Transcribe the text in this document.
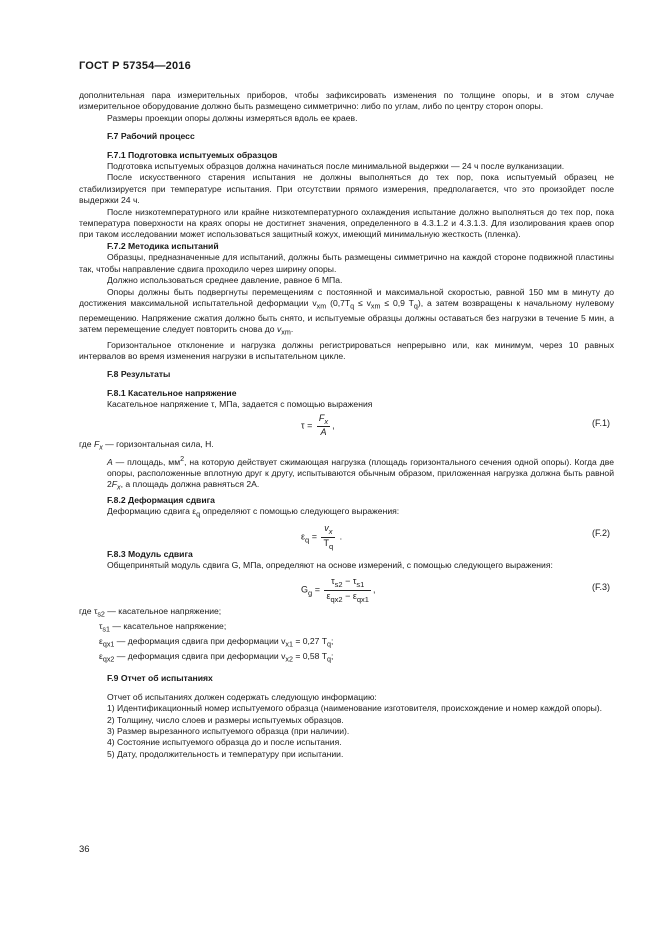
ГОСТ Р 57354—2016

дополнительная пара измерительных приборов, чтобы зафиксировать изменения по толщине опоры, и в этом случае измерительное оборудование должно быть размещено симметрично: либо по углам, либо по центру сторон опоры.

Размеры проекции опоры должны измеряться вдоль ее краев.

F.7 Рабочий процесс

F.7.1 Подготовка испытуемых образцов

Подготовка испытуемых образцов должна начинаться после минимальной выдержки — 24 ч после вулканизации.

После искусственного старения испытания не должны выполняться до тех пор, пока испытуемый образец не стабилизируется при температуре испытания. При отсутствии прямого измерения, предполагается, что это произойдет после выдержки 24 ч.

После низкотемпературного или крайне низкотемпературного охлаждения испытание должно выполняться до тех пор, пока температура поверхности на краях опоры не достигнет значения, определенного в 4.3.1.2 и 4.3.1.3. Для изолирования краев опор при таком исследовании может использоваться защитный кожух, имеющий минимальную жесткость (пленка).

F.7.2 Методика испытаний

Образцы, предназначенные для испытаний, должны быть размещены симметрично на каждой стороне подвижной пластины так, чтобы направление сдвига проходило через ширину опоры.

Должно использоваться среднее давление, равное 6 МПа.

Опоры должны быть подвергнуты перемещениям с постоянной и максимальной скоростью, равной 150 мм в минуту до достижения максимальной испытательной деформации $v_{xm}$ ($0,7T_q \le v_{xm} \le 0,9$ $T_q$), а затем возвращены к начальному нулевому перемещению. Напряжение сжатия должно быть снято, и испытуемые образцы должны оставаться без нагрузки в течение 5 мин, а затем перемещение следует повторить снова до $v_{xm}$.

Горизонтальное отклонение и нагрузка должны регистрироваться непрерывно или, как минимум, через 10 равных интервалов во время изменения нагрузки в испытательном цикле.

F.8 Результаты

F.8.1 Касательное напряжение

Касательное напряжение τ, МПа, задается с помощью выражения

$\tau = \frac{F_x}{A}$ ,	(F.1)

где $F_x$ — горизонтальная сила, Н.

A — площадь, $мм^2$, на которую действует сжимающая нагрузка (площадь горизонтального сечения одной опоры). Когда две опоры, расположенные вплотную друг к другу, испытываются обычным образом, приложенная нагрузка должна быть равной $2F_x$, а площадь должна равняться 2A.

F.8.2 Деформация сдвига

Деформацию сдвига $\varepsilon_q$ определяют с помощью следующего выражения:

$\varepsilon_q = \frac{v_x}{T_q}$ .	(F.2)

F.8.3 Модуль сдвига

Общепринятый модуль сдвига G, МПа, определяют на основе измерений, с помощью следующего выражения:

$G_g = \frac{\tau_{s2} - \tau_{s1}}{\varepsilon_{qx2} - \varepsilon_{qx1}}$ ,	(F.3)

где $\tau_{s2}$ — касательное напряжение;

$\tau_{s1}$ — касательное напряжение;

$\varepsilon_{qx1}$ — деформация сдвига при деформации $v_{x1} = 0,27$ $T_q$;

$\varepsilon_{qx2}$ — деформация сдвига при деформации $v_{x2} = 0,58$ $T_q$;

F.9 Отчет об испытаниях

Отчет об испытаниях должен содержать следующую информацию:

1) Идентификационный номер испытуемого образца (наименование изготовителя, происхождение и номер каждой опоры).

2) Толщину, число слоев и размеры испытуемых образцов.

3) Размер вырезанного испытуемого образца (при наличии).

4) Состояние испытуемого образца до и после испытания.

5) Дату, продолжительность и температуру при испытании.

36
